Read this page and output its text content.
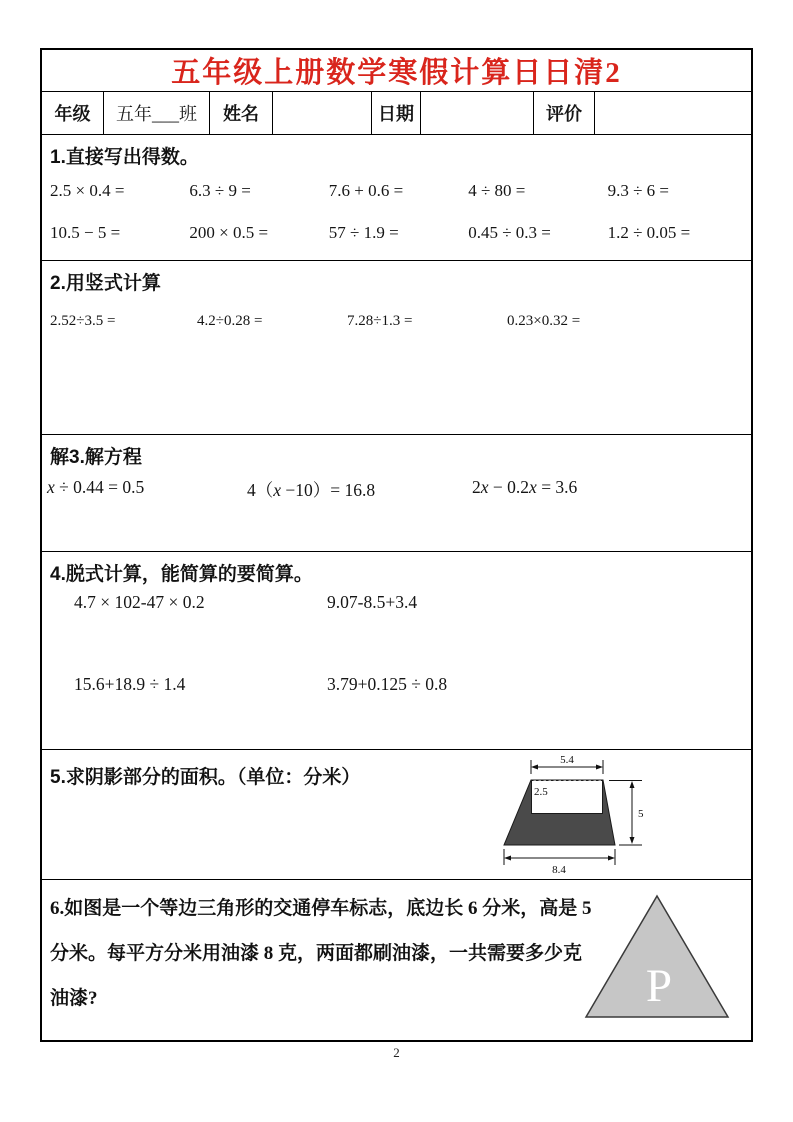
五年级上册数学寒假计算日日清2
年级 五年___班 姓名	日期	评价
1.直接写出得数。
2.5 × 0.4 =	6.3 ÷ 9 =	7.6 + 0.6 =	4 ÷ 80 =	9.3 ÷ 6 =
10.5 − 5 =	200 × 0.5 =	57 ÷ 1.9 =	0.45 ÷ 0.3 =	1.2 ÷ 0.05 =
2.用竖式计算
2.52÷3.5 =	4.2÷0.28 =	7.28÷1.3 =	0.23×0.32 =
解3.解方程
x ÷ 0.44 = 0.5	4（x −10）= 16.8	2x − 0.2x = 3.6
4.脱式计算，能简算的要简算。
4.7 × 102-47 × 0.2	9.07-8.5+3.4
15.6+18.9 ÷ 1.4	3.79+0.125 ÷ 0.8
5.求阴影部分的面积。（单位：分米）
2.5
5.4
5
8.4
6.如图是一个等边三角形的交通停车标志，底边长 6 分米，高是 5
分米。每平方分米用油漆 8 克，两面都刷油漆，一共需要多少克
油漆?	P
2
